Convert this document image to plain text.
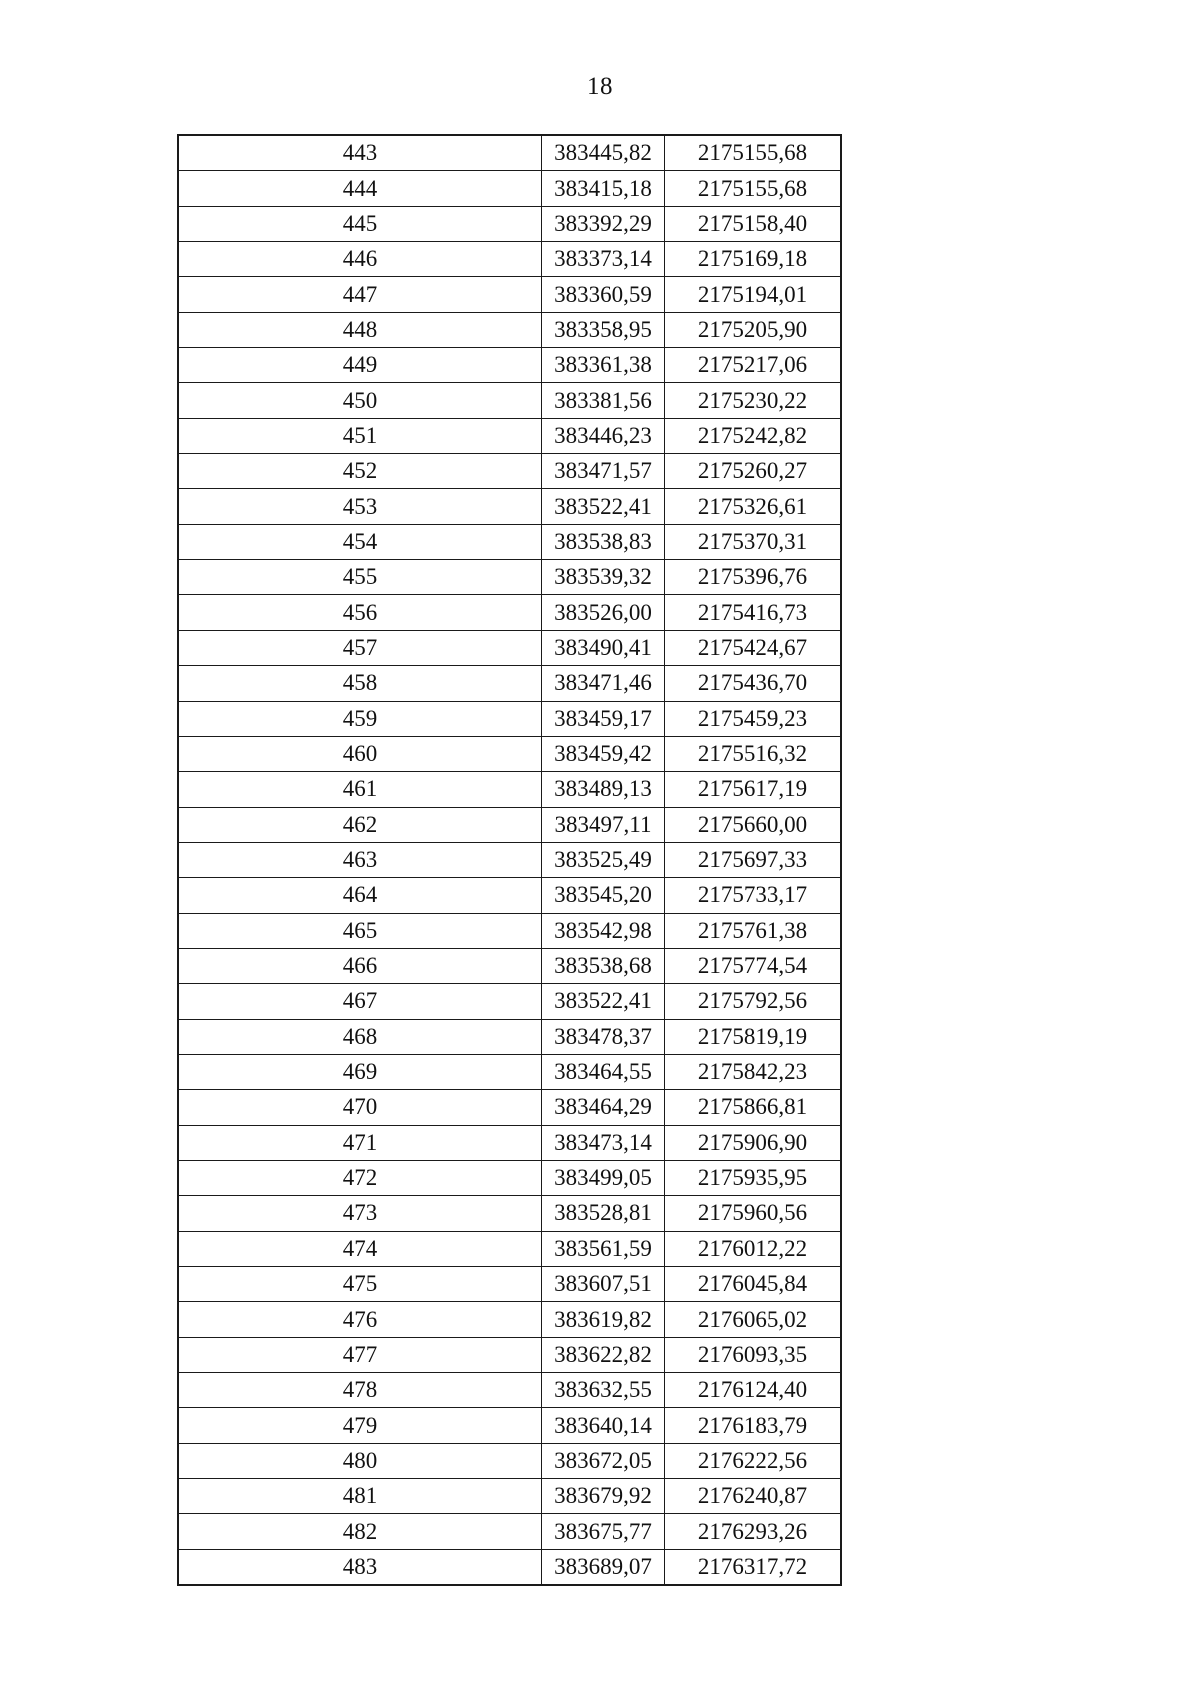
18
443	383445,82	2175155,68
444	383415,18	2175155,68
445	383392,29	2175158,40
446	383373,14	2175169,18
447	383360,59	2175194,01
448	383358,95	2175205,90
449	383361,38	2175217,06
450	383381,56	2175230,22
451	383446,23	2175242,82
452	383471,57	2175260,27
453	383522,41	2175326,61
454	383538,83	2175370,31
455	383539,32	2175396,76
456	383526,00	2175416,73
457	383490,41	2175424,67
458	383471,46	2175436,70
459	383459,17	2175459,23
460	383459,42	2175516,32
461	383489,13	2175617,19
462	383497,11	2175660,00
463	383525,49	2175697,33
464	383545,20	2175733,17
465	383542,98	2175761,38
466	383538,68	2175774,54
467	383522,41	2175792,56
468	383478,37	2175819,19
469	383464,55	2175842,23
470	383464,29	2175866,81
471	383473,14	2175906,90
472	383499,05	2175935,95
473	383528,81	2175960,56
474	383561,59	2176012,22
475	383607,51	2176045,84
476	383619,82	2176065,02
477	383622,82	2176093,35
478	383632,55	2176124,40
479	383640,14	2176183,79
480	383672,05	2176222,56
481	383679,92	2176240,87
482	383675,77	2176293,26
483	383689,07	2176317,72
